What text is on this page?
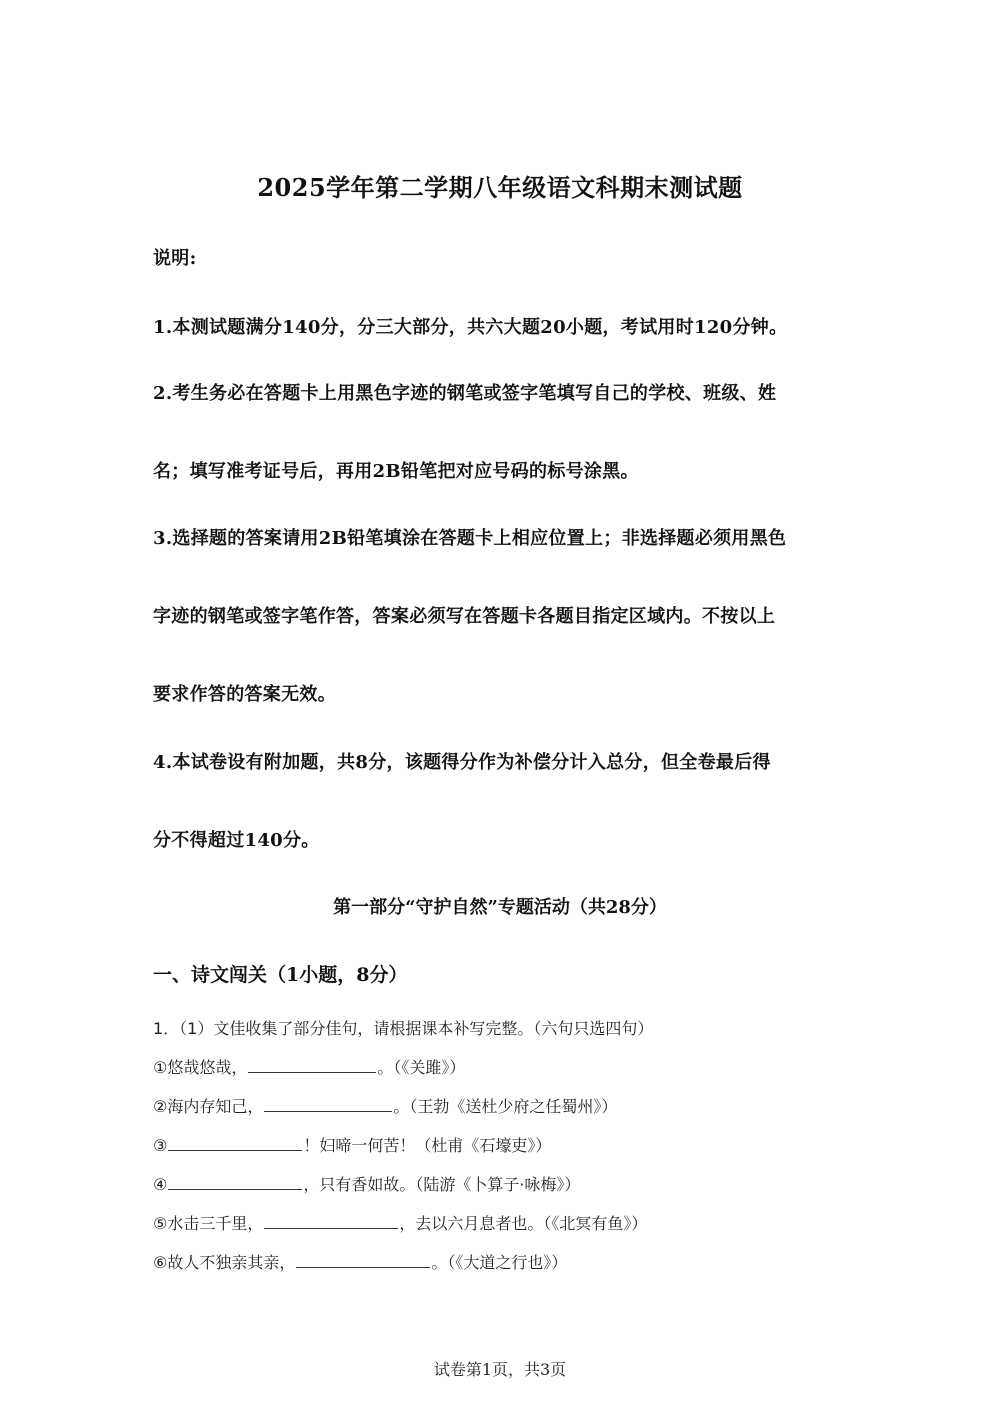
2025学年第二学期八年级语文科期末测试题
说明:
1.本测试题满分140分，分三大部分，共六大题20小题，考试用时120分钟。
2.考生务必在答题卡上用黑色字迹的钢笔或签字笔填写自己的学校、班级、姓
名；填写准考证号后，再用2B铅笔把对应号码的标号涂黑。
3.选择题的答案请用2B铅笔填涂在答题卡上相应位置上；非选择题必须用黑色
字迹的钢笔或签字笔作答，答案必须写在答题卡各题目指定区域内。不按以上
要求作答的答案无效。
4.本试卷设有附加题，共8分，该题得分作为补偿分计入总分，但全卷最后得
分不得超过140分。
第一部分“守护自然”专题活动（共28分）
一、诗文闯关（1小题，8分）
1．（1）文佳收集了部分佳句，请根据课本补写完整。（六句只选四句）
①悠哉悠哉，	。（《关雎》）
②海内存知己，	。（王勃《送杜少府之任蜀州》）
③	！妇啼一何苦！（杜甫《石壕吏》）
④	，只有香如故。（陆游《卜算子·咏梅》）
⑤水击三千里，	，去以六月息者也。（《北冥有鱼》）
⑥故人不独亲其亲，	。（《大道之行也》）
试卷第1页，共3页
